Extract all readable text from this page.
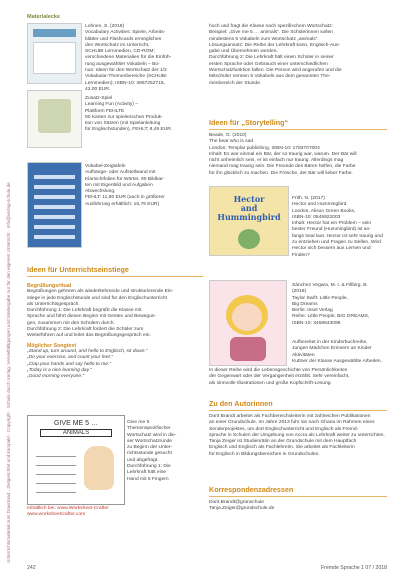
Unterrichtsmaterial zum Download · Zielgerichtet und kompakt · Copyright · Schule durch Verlag, Vervielfältigungen und Weitergabe nur für den eigenen Unterricht · Info@verlag-schule.de
Materialecke
Lohnen, S. (2018)
Vocabulary Activities: Spiele, Arbeits-
blätter und Flashcards ermöglichen
den Wortschatz im Unterricht,
SCHUBI Lernmedien, CD-ROM;
verschiedene Materialien für die Einfüh-
rung ausgewählter Vokabeln – Bo-
nus: Ideen für den Wortschatz der 1/2
Vokabular-Themenbereiche (SCHUBI
Lernmedien); ISBN-10: 3867252715,
42,00 EUR.
Zusatz-Spiel
Learning Fun (Activity) –
Plattform FEHLTE
80 Karten zur spielerischen Produk-
tion von Sätzen (mit Spielanleitung
für Englischstunden), FEHLT; 8,49 EUR.
Vokabel-Zeigtafeln
Aufhänge- oder Aufstellwand mit
Klarsichtfolien für Wörter, 90 Bildkar-
ten mit Eigenbild und Aufgaben
Abwechslung,
FEHLT: 11,80 EUR (auch in größerer
Ausführung erhältlich: 15,79 EUR)
Ideen für Unterrichtseinstiege
Begrüßungsritual
Begrüßungen gehören als wiederkehrende und strukturierende Ein-
stiege in jede Englischstunde und sind für den Englischunterricht
als Unterrichtsgespräch.
Durchführung 1: Die Lehrkraft begrüßt die Klasse mit
Sprache und führt diesen Beginn mit Gesten und Bewegun-
gen, zusammen mit den Schülern durch.
Durchführung 2: Die Lehrkraft fordert die Schüler zum
Weiterführen auf und leitet das Begrüßungsgespräch ein.
Möglicher Songtext
„Stand up, turn around, and hello to Englisch, sit down.“
„Do your exercise, and count your feet.“
„Clap your hands and say hello to me.“
„Today is a nice learning day.“
„Good morning everyone.“
GIVE ME 5 …
ANIMALS
Give me 5
Themenspezifischer
Wortschatz wird in die-
ser Wortschatzrunde
zu Beginn der Unter-
richtsstunde gesucht
und abgefragt.
Durchführung 1: Die
Lehrkraft hält eine
Hand mit 5 Fingern
erhältlich bei: www.Worksheet-Crafter
www.worksheetcrafter.com
hoch und fragt die Klasse nach spezifischem Wortschatz:
Beispiel: „Give me 5 … animals“. Die Schülerinnen sollen
mindestens 5 Vokabeln zum Wortschatz „animals“.
Lösungsansatz: Die Reihe der Lehrkraft kann, Englisch-Aus-
gabe und Übernehmen werden.
Durchführung 2: Die Lehrkraft hält einen Schüler in seiner
ersten Sprache oder Gebrauch einer unterschiedlichen
Wortschatzfunktion fallen. Die Person wird angerufen und die
Mitschüler nennen 5 Vokabeln aus dem genannten The-
menbereich der Stunde.
Ideen für „Storytelling“
Beade, G. (2010)
The bear who is sad
London: Templar publishing, ISBN-10: 1783707004
Inhalt: Es war einmal ein Bär, der so traurig war, warum. Der Bär will
nicht unheimlich sein, er ist einfach nur traurig. Allerdings mag
niemand mag traurig sein. Die Freunde des Bären helfen, die Farbe
für ihn glücklich zu machen. Die Frösche, der Bär will lieber Farbe.
Hector
and
Hummingbird
Frith, N. (2017)
Hector and Hummingbird
London, Alison Green Books,
ISBN-10: 0545922003
Inhalt: Hector hat ein Problem – sein
bester Freund (Hummingbird) ist an-
fangs total laut. Hector ist sehr traurig und
zu entziehen und Fragen zu stellen. Wird
Hector sich bessern aus Lernen und Finden?
Sánchez Vegara, M. I. & Fillbirg, B.
(2018)
Taylor Swift: Little People,
Big Dreams
Berlin: Insel Verlag
Reihe: Little People, BIG DREAMS,
ISBN-10: 3458643098
Aufbereitet in der Kinderbuchreihe,
Jungen Mädchen Erinnern an Kinder Aktivitäten
Kuttner der Klasse Ausgewählte Arbeiten.
In dieser Reihe wird die Lebensgeschichte von Persönlichkeiten
der Gegenwart oder der Vergangenheit erzählt. Sehr vereinfacht,
als sinnvolle Illustrationen und große Kopfschrift-Lesung.
Zu den Autorinnen
Dorit Brandt arbeitet als Fachbereichsleiterin mit zahlreichen Publikationen
an einer Grundschule. Im Jahre 2013 fuhr sie nach Ghana im Rahmen eines
Senderprojektes, um dort Englischunterricht und Englisch als Fremd-
sprache in Schulen der Umgebung von Accra als Lehrkraft weiter zu unterrichten.
Tanja Zeiger ist Studienrätin an der Grundschule mit dem Hauptfach
Englisch und Englisch als Fachlehrerin. Sie arbeitet als Fachleiterin
für Englisch in Bildungsbereichen in Grundschulen.
Korrespondenzadressen
Dorit.Brandt@grünschule
Tanja.Zeiger@grundschule.de
242	Fremde Sprache 1 07 / 2018
